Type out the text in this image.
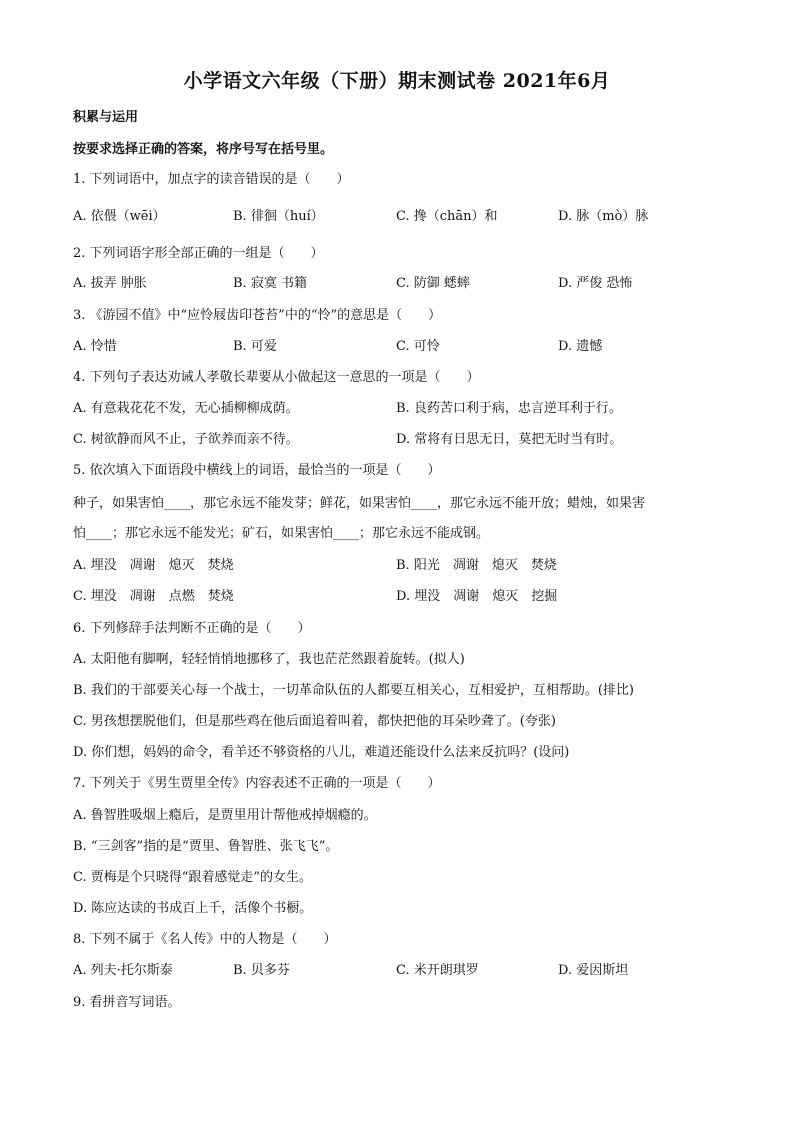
小学语文六年级（下册）期末测试卷 2021年6月
积累与运用
按要求选择正确的答案，将序号写在括号里。
1. 下列词语中，加点字的读音错误的是（　　）
A. 依偎（wēi）	B. 徘徊（huí）	C. 搀（chān）和	D. 脉（mò）脉
2. 下列词语字形全部正确的一组是（　　）
A. 拔弄 肿胀	B. 寂寞 书籍	C. 防御 蟋蟀	D. 严俊 恐怖
3. 《游园不值》中“应怜屐齿印苍苔”中的“怜”的意思是（　　）
A. 怜惜	B. 可爱	C. 可怜	D. 遗憾
4. 下列句子表达劝诫人孝敬长辈要从小做起这一意思的一项是（　　）
A. 有意栽花花不发，无心插柳柳成荫。	B. 良药苦口利于病，忠言逆耳利于行。
C. 树欲静而风不止，子欲养而亲不待。	D. 常将有日思无日，莫把无时当有时。
5. 依次填入下面语段中横线上的词语，最恰当的一项是（　　）
种子，如果害怕____，那它永远不能发芽；鲜花，如果害怕____，那它永远不能开放；蜡烛，如果害
怕____；那它永远不能发光；矿石，如果害怕____；那它永远不能成钢。
A. 埋没　凋谢　熄灭　焚烧	B. 阳光　凋谢　熄灭　焚烧
C. 埋没　凋谢　点燃　焚烧	D. 埋没　凋谢　熄灭　挖掘
6. 下列修辞手法判断不正确的是（　　）
A. 太阳他有脚啊，轻轻悄悄地挪移了，我也茫茫然跟着旋转。(拟人)
B. 我们的干部要关心每一个战士，一切革命队伍的人都要互相关心，互相爱护，互相帮助。(排比)
C. 男孩想摆脱他们，但是那些鸡在他后面追着叫着，都快把他的耳朵吵聋了。(夸张)
D. 你们想，妈妈的命令，看羊还不够资格的八儿，难道还能设什么法来反抗吗？(设问)
7. 下列关于《男生贾里全传》内容表述不正确的一项是（　　）
A. 鲁智胜吸烟上瘾后，是贾里用计帮他戒掉烟瘾的。
B. “三剑客”指的是“贾里、鲁智胜、张飞飞”。
C. 贾梅是个只晓得“跟着感觉走”的女生。
D. 陈应达读的书成百上千，活像个书橱。
8. 下列不属于《名人传》中的人物是（　　）
A. 列夫·托尔斯泰	B. 贝多芬	C. 米开朗琪罗	D. 爱因斯坦
9. 看拼音写词语。
